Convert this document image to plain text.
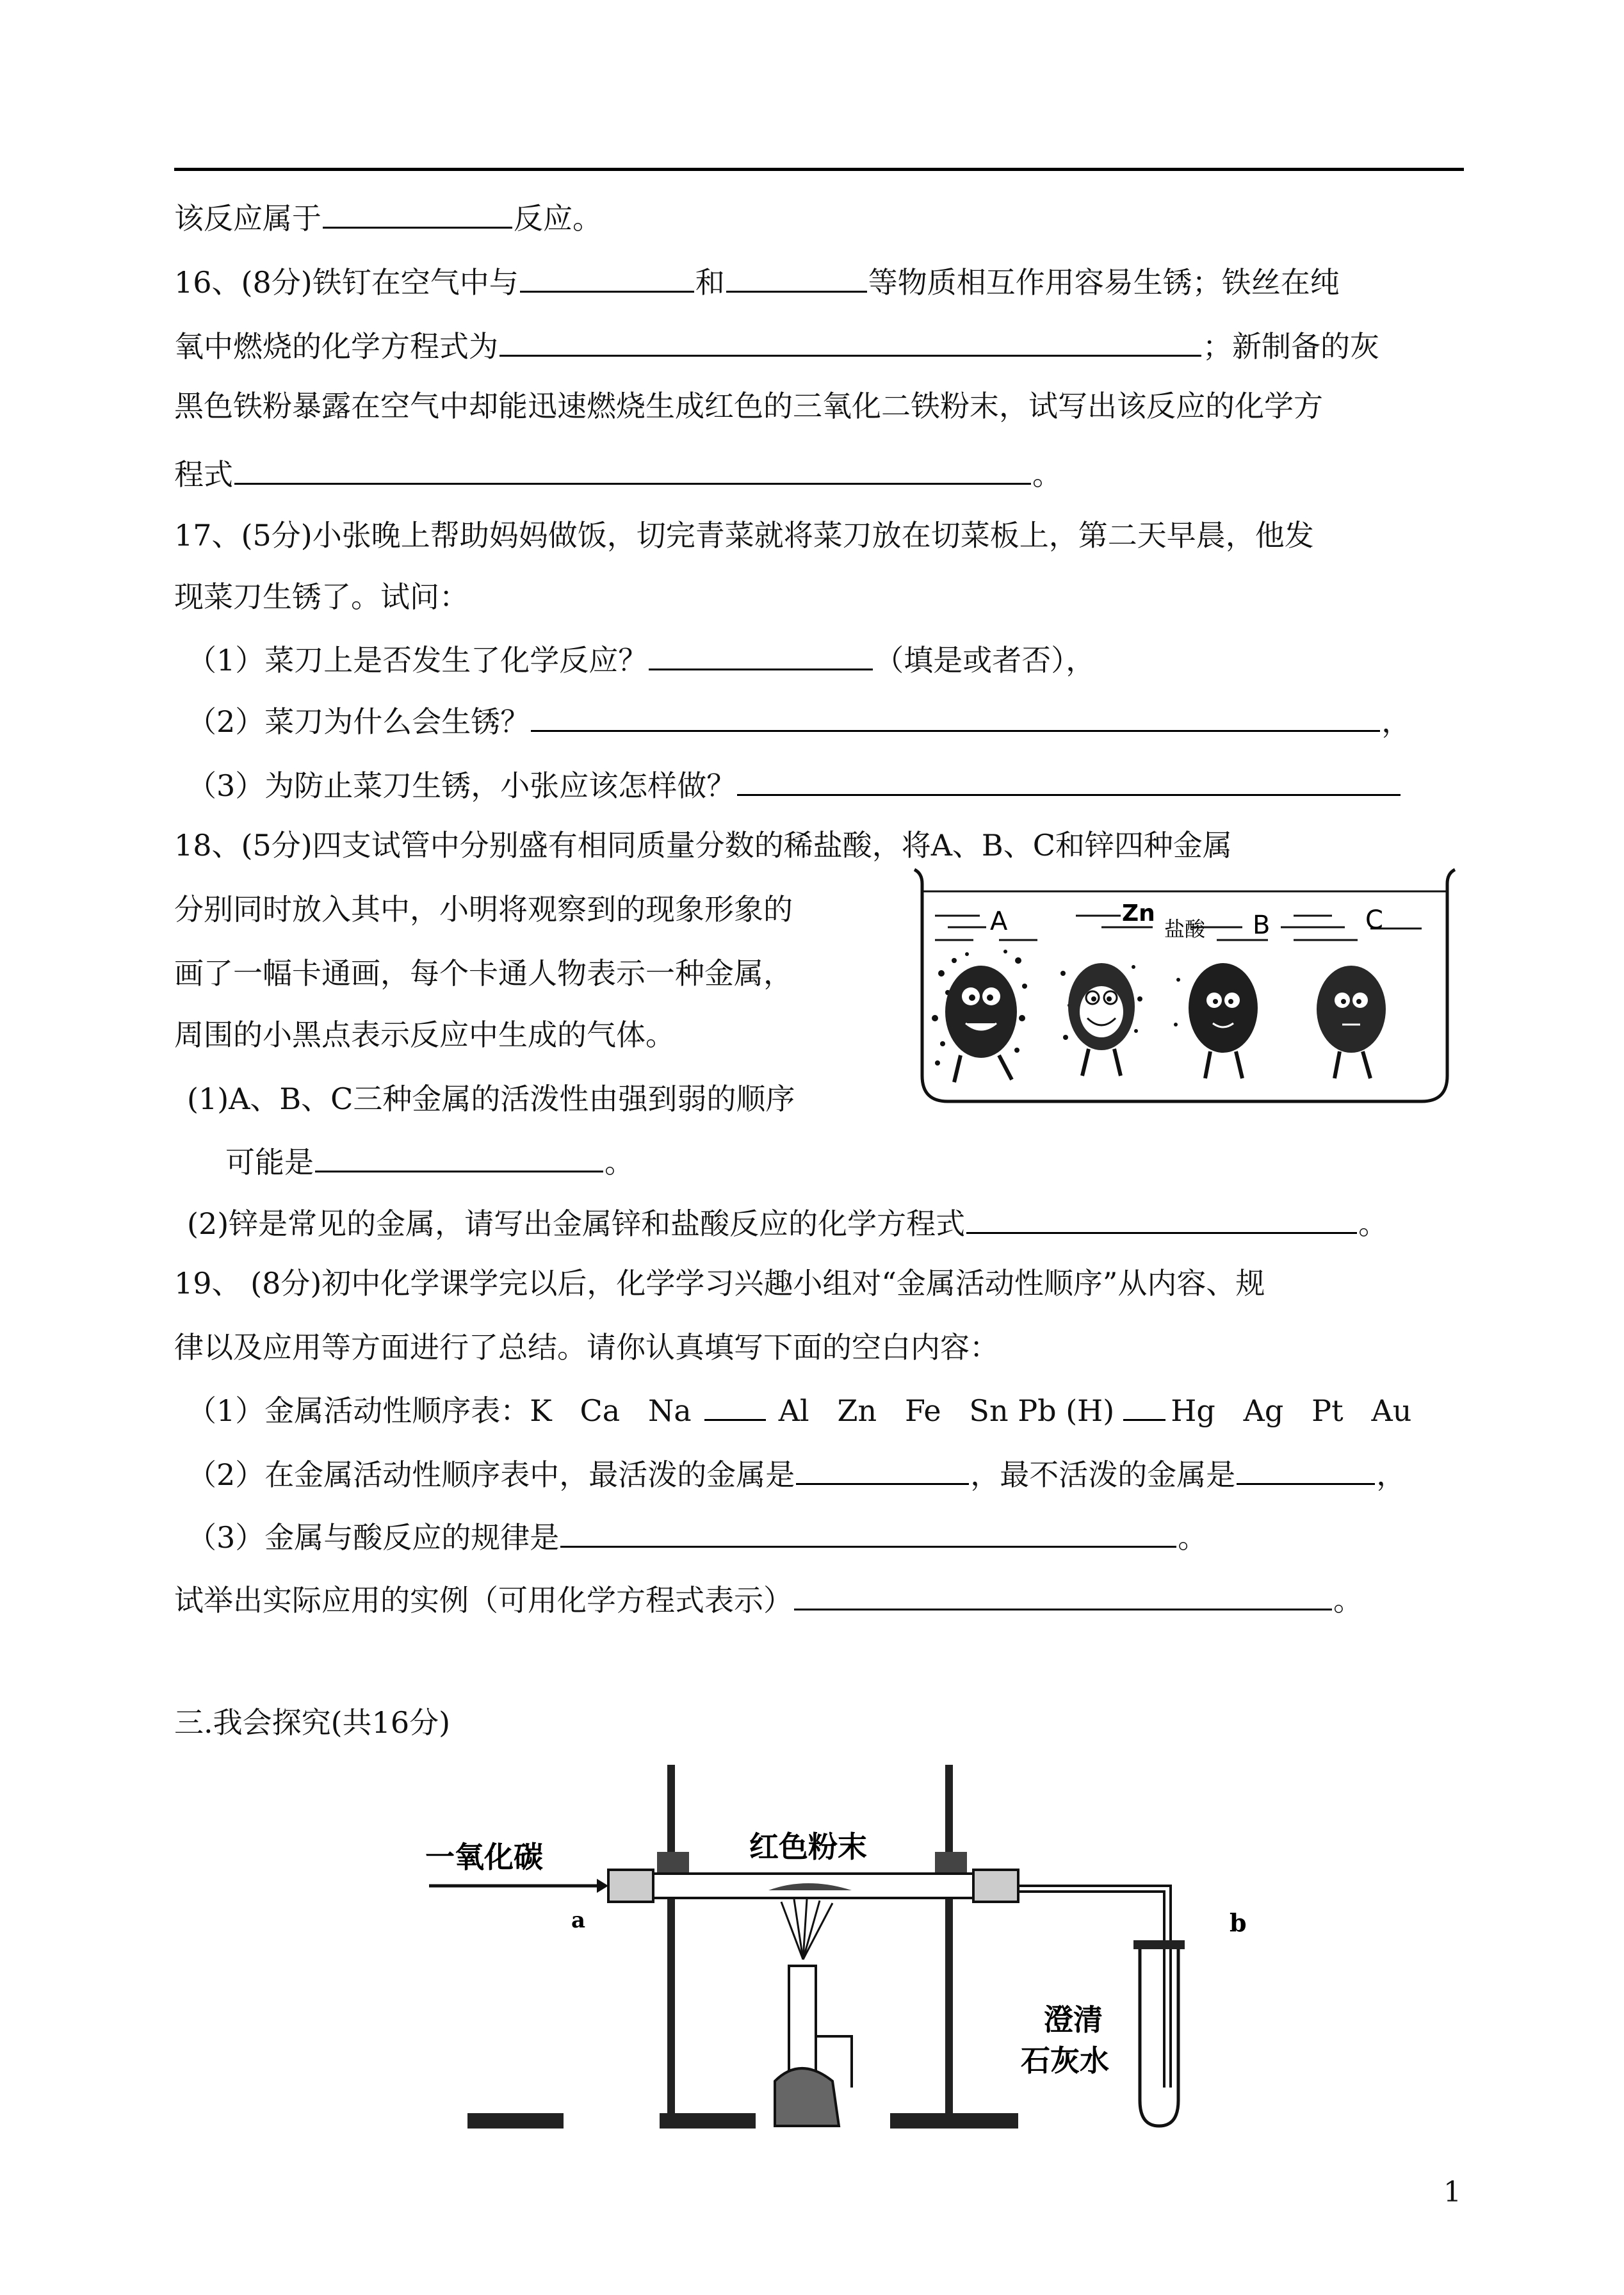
该反应属于	反应。
16、(8分)铁钉在空气中与	和	等物质相互作用容易生锈；铁丝在纯
氧中燃烧的化学方程式为	；新制备的灰
黑色铁粉暴露在空气中却能迅速燃烧生成红色的三氧化二铁粉末，试写出该反应的化学方
程式	。
17、(5分)小张晚上帮助妈妈做饭，切完青菜就将菜刀放在切菜板上，第二天早晨，他发
现菜刀生锈了。试问：
（1）菜刀上是否发生了化学反应？	（填是或者否），
（2）菜刀为什么会生锈？	，
（3）为防止菜刀生锈，小张应该怎样做？
18、(5分)四支试管中分别盛有相同质量分数的稀盐酸，将A、B、C和锌四种金属
分别同时放入其中，小明将观察到的现象形象的
画了一幅卡通画，每个卡通人物表示一种金属，
周围的小黑点表示反应中生成的气体。
(1)A、B、C三种金属的活泼性由强到弱的顺序
可能是	。
(2)锌是常见的金属，请写出金属锌和盐酸反应的化学方程式	。
A	Zn
盐酸 B	C
19、 (8分)初中化学课学完以后，化学学习兴趣小组对“金属活动性顺序”从内容、规
律以及应用等方面进行了总结。请你认真填写下面的空白内容：
（1）金属活动性顺序表：K   Ca   Na	Al   Zn   Fe   Sn Pb (H) Hg   Ag   Pt   Au
（2）在金属活动性顺序表中，最活泼的金属是	，最不活泼的金属是	，
（3）金属与酸反应的规律是	。
试举出实际应用的实例（可用化学方程式表示）	。
三.我会探究(共16分)
一氧化碳
a
红色粉末
b
澄清
石灰水
1
